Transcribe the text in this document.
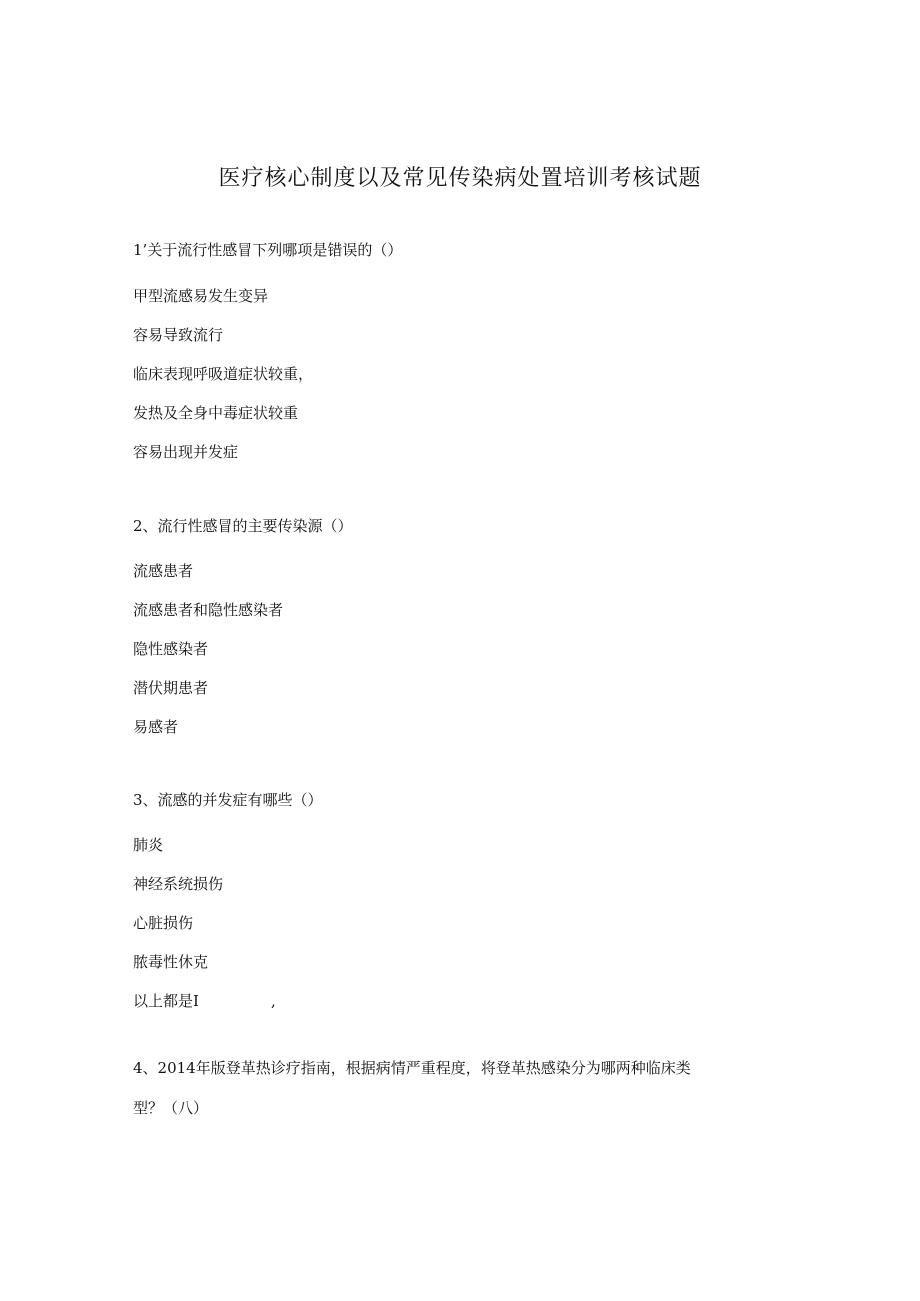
医疗核心制度以及常见传染病处置培训考核试题
1’关于流行性感冒下列哪项是错误的（）
甲型流感易发生变异
容易导致流行
临床表现呼吸道症状较重，
发热及全身中毒症状较重
容易出现并发症
2、流行性感冒的主要传染源（）
流感患者
流感患者和隐性感染者
隐性感染者
潜伏期患者
易感者
3、流感的并发症有哪些（）
肺炎
神经系统损伤
心脏损伤
脓毒性休克
以上都是I	,
4、2014年版登革热诊疗指南，根据病情严重程度，将登革热感染分为哪两种临床类
型？（八）
